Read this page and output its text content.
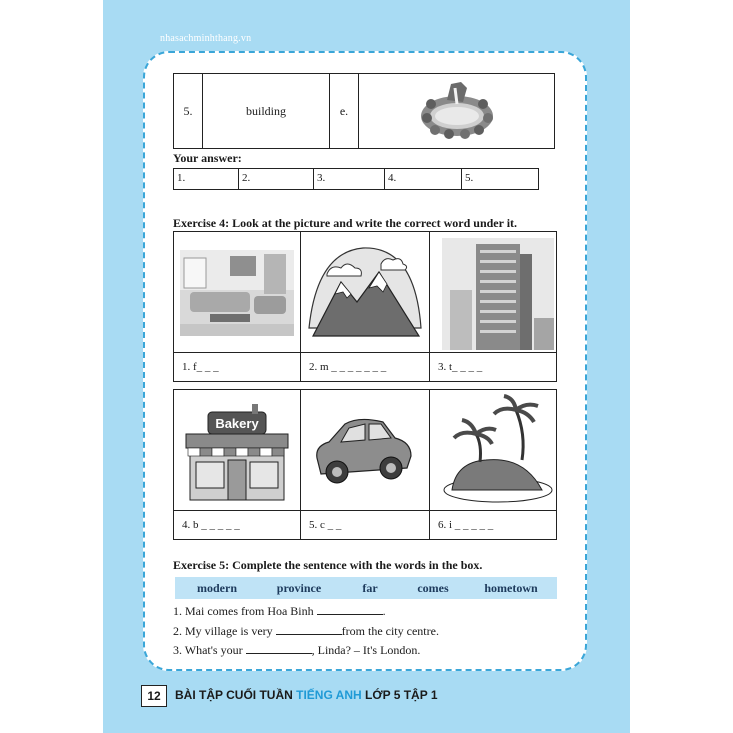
nhasachminhthang.vn
5.	building	e.	
Your answer:
1.	2.	3.	4.	5.
Exercise 4: Look at the picture and write the correct word under it.

1. f_ _ _	2. m _ _ _ _ _ _ _	3. t_ _ _ _
Bakery

4. b _ _ _ _ _	5. c _ _	6. i _ _ _ _ _
Exercise 5: Complete the sentence with the words in the box.
modern	province	far	comes	hometown
1. Mai comes from Hoa Binh	.
2. My village is very	from the city centre.
3. What's your	, Linda? – It's London.
12	BÀI TẬP CUỐI TUẦN TIẾNG ANH LỚP 5 TẬP 1
